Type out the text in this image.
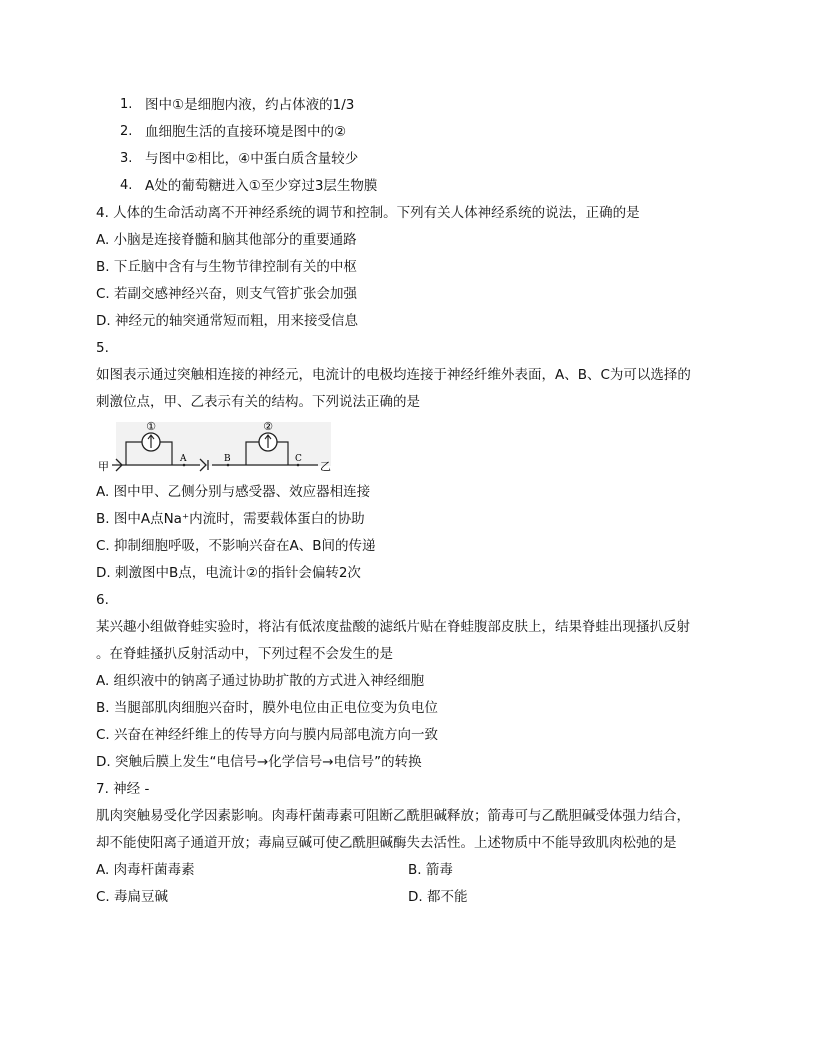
1. 图中①是细胞内液，约占体液的1/3
2. 血细胞生活的直接环境是图中的②
3. 与图中②相比，④中蛋白质含量较少
4. A处的葡萄糖进入①至少穿过3层生物膜
4. 人体的生命活动离不开神经系统的调节和控制。下列有关人体神经系统的说法，正确的是
A. 小脑是连接脊髓和脑其他部分的重要通路
B. 下丘脑中含有与生物节律控制有关的中枢
C. 若副交感神经兴奋，则支气管扩张会加强
D. 神经元的轴突通常短而粗，用来接受信息
5.
如图表示通过突触相连接的神经元，电流计的电极均连接于神经纤维外表面，A、B、C为可以选择的
刺激位点，甲、乙表示有关的结构。下列说法正确的是
①	②
甲	乙
A	B	C
A. 图中甲、乙侧分别与感受器、效应器相连接
B. 图中A点Na⁺内流时，需要载体蛋白的协助
C. 抑制细胞呼吸，不影响兴奋在A、B间的传递
D. 刺激图中B点，电流计②的指针会偏转2次
6.
某兴趣小组做脊蛙实验时，将沾有低浓度盐酸的滤纸片贴在脊蛙腹部皮肤上，结果脊蛙出现搔扒反射
。在脊蛙搔扒反射活动中，下列过程不会发生的是
A. 组织液中的钠离子通过协助扩散的方式进入神经细胞
B. 当腿部肌肉细胞兴奋时，膜外电位由正电位变为负电位
C. 兴奋在神经纤维上的传导方向与膜内局部电流方向一致
D. 突触后膜上发生“电信号→化学信号→电信号”的转换
7. 神经 -
肌肉突触易受化学因素影响。肉毒杆菌毒素可阻断乙酰胆碱释放；箭毒可与乙酰胆碱受体强力结合，
却不能使阳离子通道开放；毒扁豆碱可使乙酰胆碱酶失去活性。上述物质中不能导致肌肉松弛的是
A. 肉毒杆菌毒素	B. 箭毒
C. 毒扁豆碱	D. 都不能
